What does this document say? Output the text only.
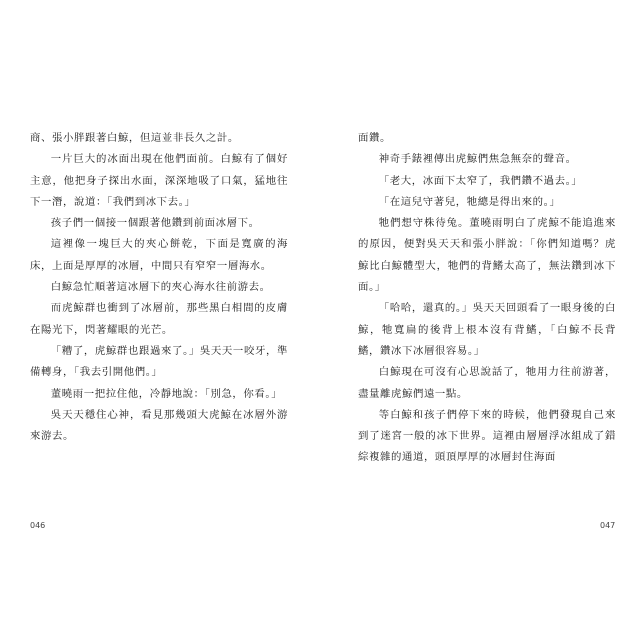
商、張小胖跟著白鯨，但這並非長久之計。

一片巨大的冰面出現在他們面前。白鯨有了個好主意，他把身子探出水面，深深地吸了口氣，猛地往下一潛，說道：「我們到冰下去。」

孩子們一個接一個跟著他鑽到前面冰層下。

這裡像一塊巨大的夾心餅乾，下面是寬廣的海床，上面是厚厚的冰層，中間只有窄窄一層海水。

白鯨急忙順著這冰層下的夾心海水往前游去。

而虎鯨群也衝到了冰層前，那些黑白相間的皮膚在陽光下，閃著耀眼的光芒。

「糟了，虎鯨群也跟過來了。」吳天天一咬牙，準備轉身，「我去引開他們。」

董曉雨一把拉住他，冷靜地說：「別急，你看。」

吳天天穩住心神，看見那幾頭大虎鯨在冰層外游來游去。

面鑽。

神奇手錶裡傳出虎鯨們焦急無奈的聲音。

「老大，冰面下太窄了，我們鑽不過去。」

「在這兒守著兒，牠總是得出來的。」

牠們想守株待兔。董曉雨明白了虎鯨不能追進來的原因，便對吳天天和張小胖說：「你們知道嗎？虎鯨比白鯨體型大，牠們的背鰭太高了，無法鑽到冰下面。」

「哈哈，還真的。」吳天天回頭看了一眼身後的白鯨，牠寬扁的後背上根本沒有背鰭，「白鯨不長背鰭，鑽冰下冰層很容易。」

白鯨現在可沒有心思說話了，牠用力往前游著，盡量離虎鯨們遠一點。

等白鯨和孩子們停下來的時候，他們發現自己來到了迷宮一般的冰下世界。這裡由層層浮冰組成了錯綜複雜的通道，頭頂厚厚的冰層封住海面

046	047
